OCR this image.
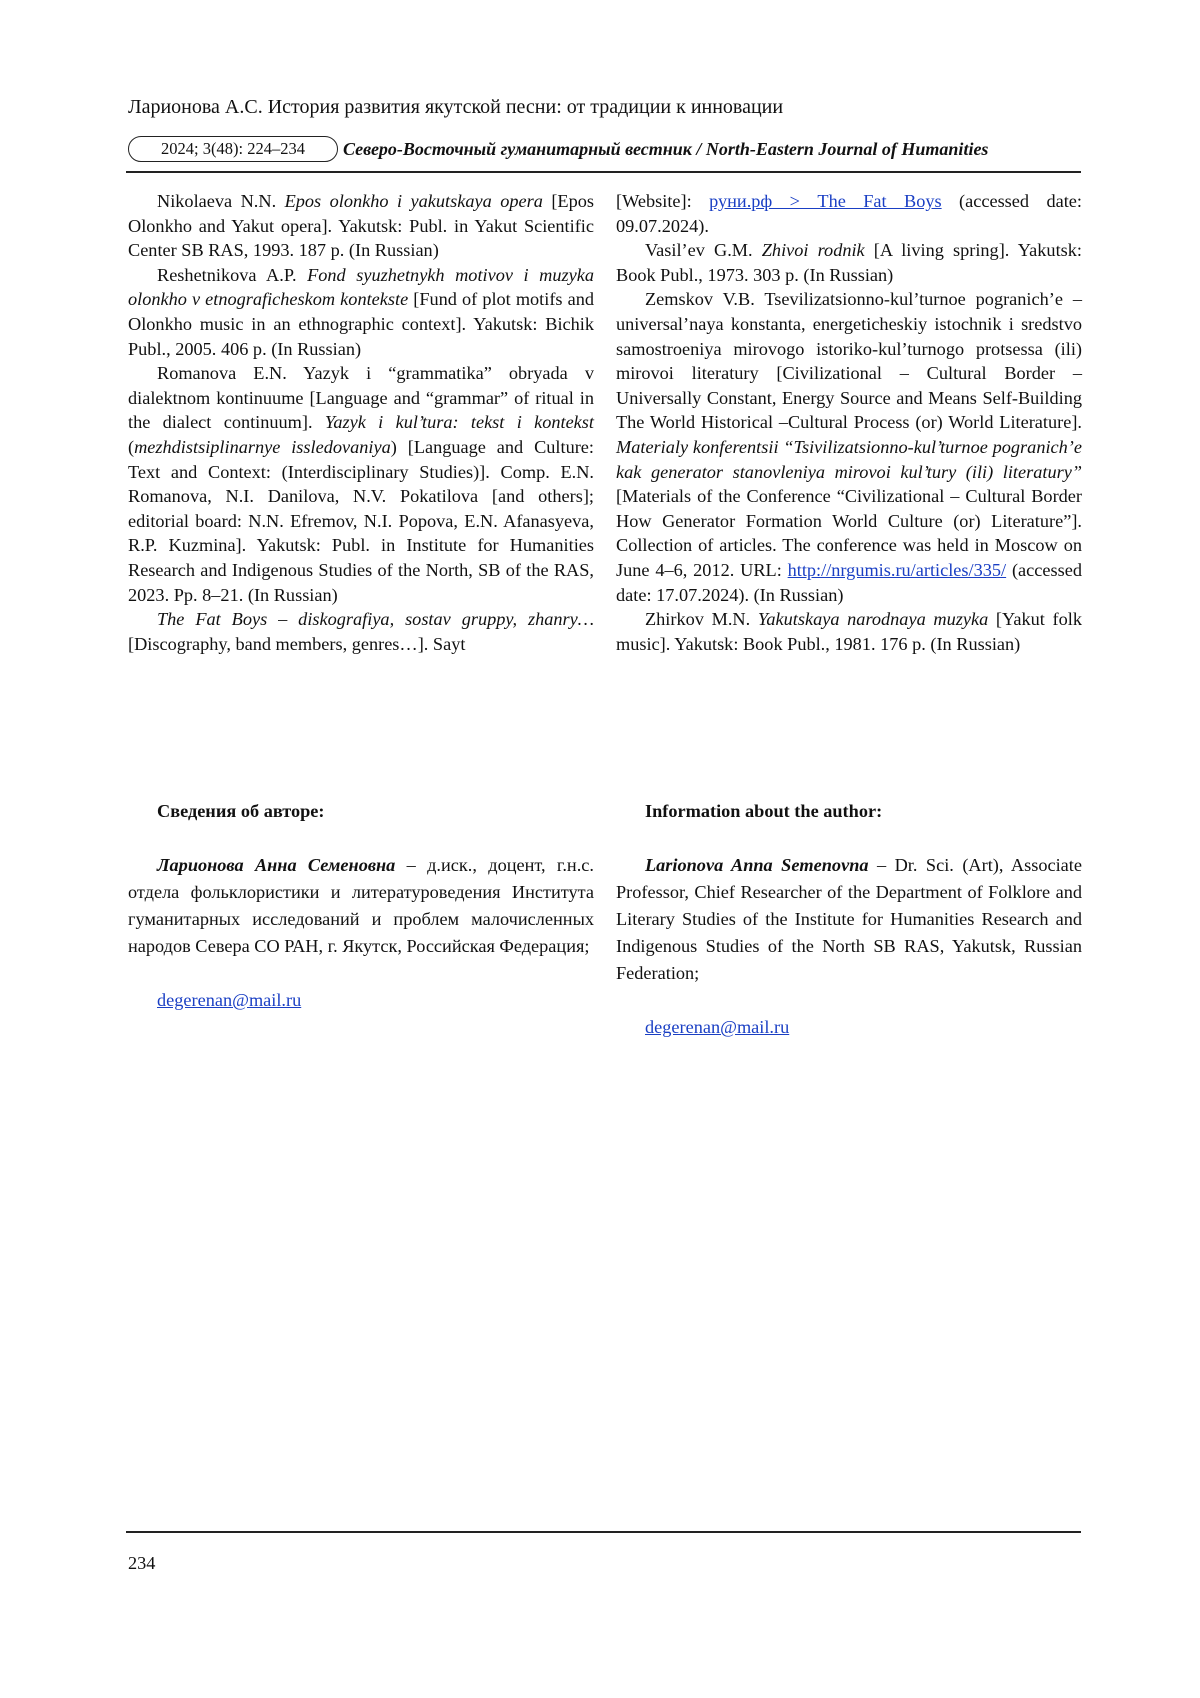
Ларионова А.С. История развития якутской песни: от традиции к инновации
2024; 3(48): 224–234	Северо-Восточный гуманитарный вестник / North-Eastern Journal of Humanities

Nikolaeva N.N. Epos olonkho i yakutskaya opera [Epos Olonkho and Yakut opera]. Yakutsk: Publ. in Yakut Scientific Center SB RAS, 1993. 187 p. (In Russian)

Reshetnikova A.P. Fond syuzhetnykh motivov i muzyka olonkho v etnograficheskom kontekste [Fund of plot motifs and Olonkho music in an ethnographic context]. Yakutsk: Bichik Publ., 2005. 406 p. (In Russian)

Romanova E.N. Yazyk i “grammatika” obryada v dialektnom kontinuume [Language and “grammar” of ritual in the dialect continuum]. Yazyk i kul’tura: tekst i kontekst (mezhdistsiplinarnye issledovaniya) [Language and Culture: Text and Context: (Interdisciplinary Studies)]. Comp. E.N. Romanova, N.I. Danilova, N.V. Pokatilova [and others]; editorial board: N.N. Efremov, N.I. Popova, E.N. Afanasyeva, R.P. Kuzmina]. Yakutsk: Publ. in Institute for Humanities Research and Indigenous Studies of the North, SB of the RAS, 2023. Pp. 8–21. (In Russian)

The Fat Boys – diskografiya, sostav gruppy, zhanry… [Discography, band members, genres…]. Sayt

[Website]: руни.рф > The Fat Boys (accessed date: 09.07.2024).

Vasil’ev G.M. Zhivoi rodnik [A living spring]. Yakutsk: Book Publ., 1973. 303 p. (In Russian)

Zemskov V.B. Tsevilizatsionno-kul’turnoe pogranich’e – universal’naya konstanta, energeticheskiy istochnik i sredstvo samostroeniya mirovogo istoriko-kul’turnogo protsessa (ili) mirovoi literatury [Civilizational – Cultural Border – Universally Constant, Energy Source and Means Self-Building The World Historical –Cultural Process (or) World Literature]. Materialy konferentsii “Tsivilizatsionno-kul’turnoe pogranich’e kak generator stanovleniya mirovoi kul’tury (ili) literatury” [Materials of the Conference “Civilizational – Cultural Border How Generator Formation World Culture (or) Literature”]. Collection of articles. The conference was held in Moscow on June 4–6, 2012. URL: http://nrgumis.ru/articles/335/ (accessed date: 17.07.2024). (In Russian)

Zhirkov M.N. Yakutskaya narodnaya muzyka [Yakut folk music]. Yakutsk: Book Publ., 1981. 176 p. (In Russian)

Сведения об авторе:

Ларионова Анна Семеновна – д.иск., доцент, г.н.с. отдела фольклористики и литературоведения Института гуманитарных исследований и проблем малочисленных народов Севера СО РАН, г. Якутск, Российская Федерация;

degerenan@mail.ru

Information about the author:

Larionova Anna Semenovna – Dr. Sci. (Art), Associate Professor, Chief Researcher of the Department of Folklore and Literary Studies of the Institute for Humanities Research and Indigenous Studies of the North SB RAS, Yakutsk, Russian Federation;

degerenan@mail.ru

234
